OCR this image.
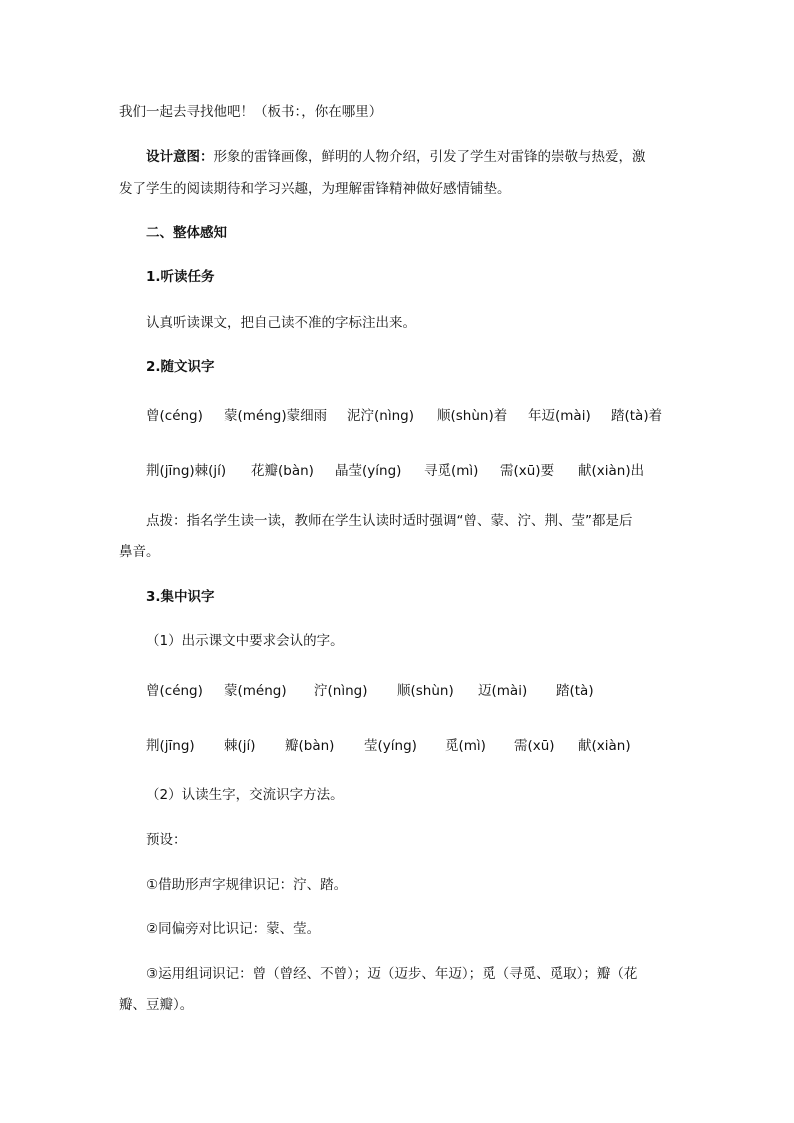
我们一起去寻找他吧！（板书：，你在哪里）
设计意图：形象的雷锋画像，鲜明的人物介绍，引发了学生对雷锋的崇敬与热爱，激
发了学生的阅读期待和学习兴趣，为理解雷锋精神做好感情铺垫。
二、整体感知
1.听读任务
认真听读课文，把自己读不准的字标注出来。
2.随文识字
曾(céng) 蒙(méng)蒙细雨 泥泞(nìng) 顺(shùn)着 年迈(mài) 踏(tà)着
荆(jīng)棘(jí) 花瓣(bàn) 晶莹(yíng) 寻觅(mì) 需(xū)要 献(xiàn)出
点拨：指名学生读一读，教师在学生认读时适时强调“曾、蒙、泞、荆、莹”都是后
鼻音。
3.集中识字
（1）出示课文中要求会认的字。
曾(céng) 蒙(méng) 泞(nìng) 顺(shùn) 迈(mài) 踏(tà)
荆(jīng) 棘(jí) 瓣(bàn) 莹(yíng) 觅(mì) 需(xū) 献(xiàn)
（2）认读生字，交流识字方法。
预设：
①借助形声字规律识记：泞、踏。
②同偏旁对比识记：蒙、莹。
③运用组词识记：曾（曾经、不曾）；迈（迈步、年迈）；觅（寻觅、觅取）；瓣（花
瓣、豆瓣）。
